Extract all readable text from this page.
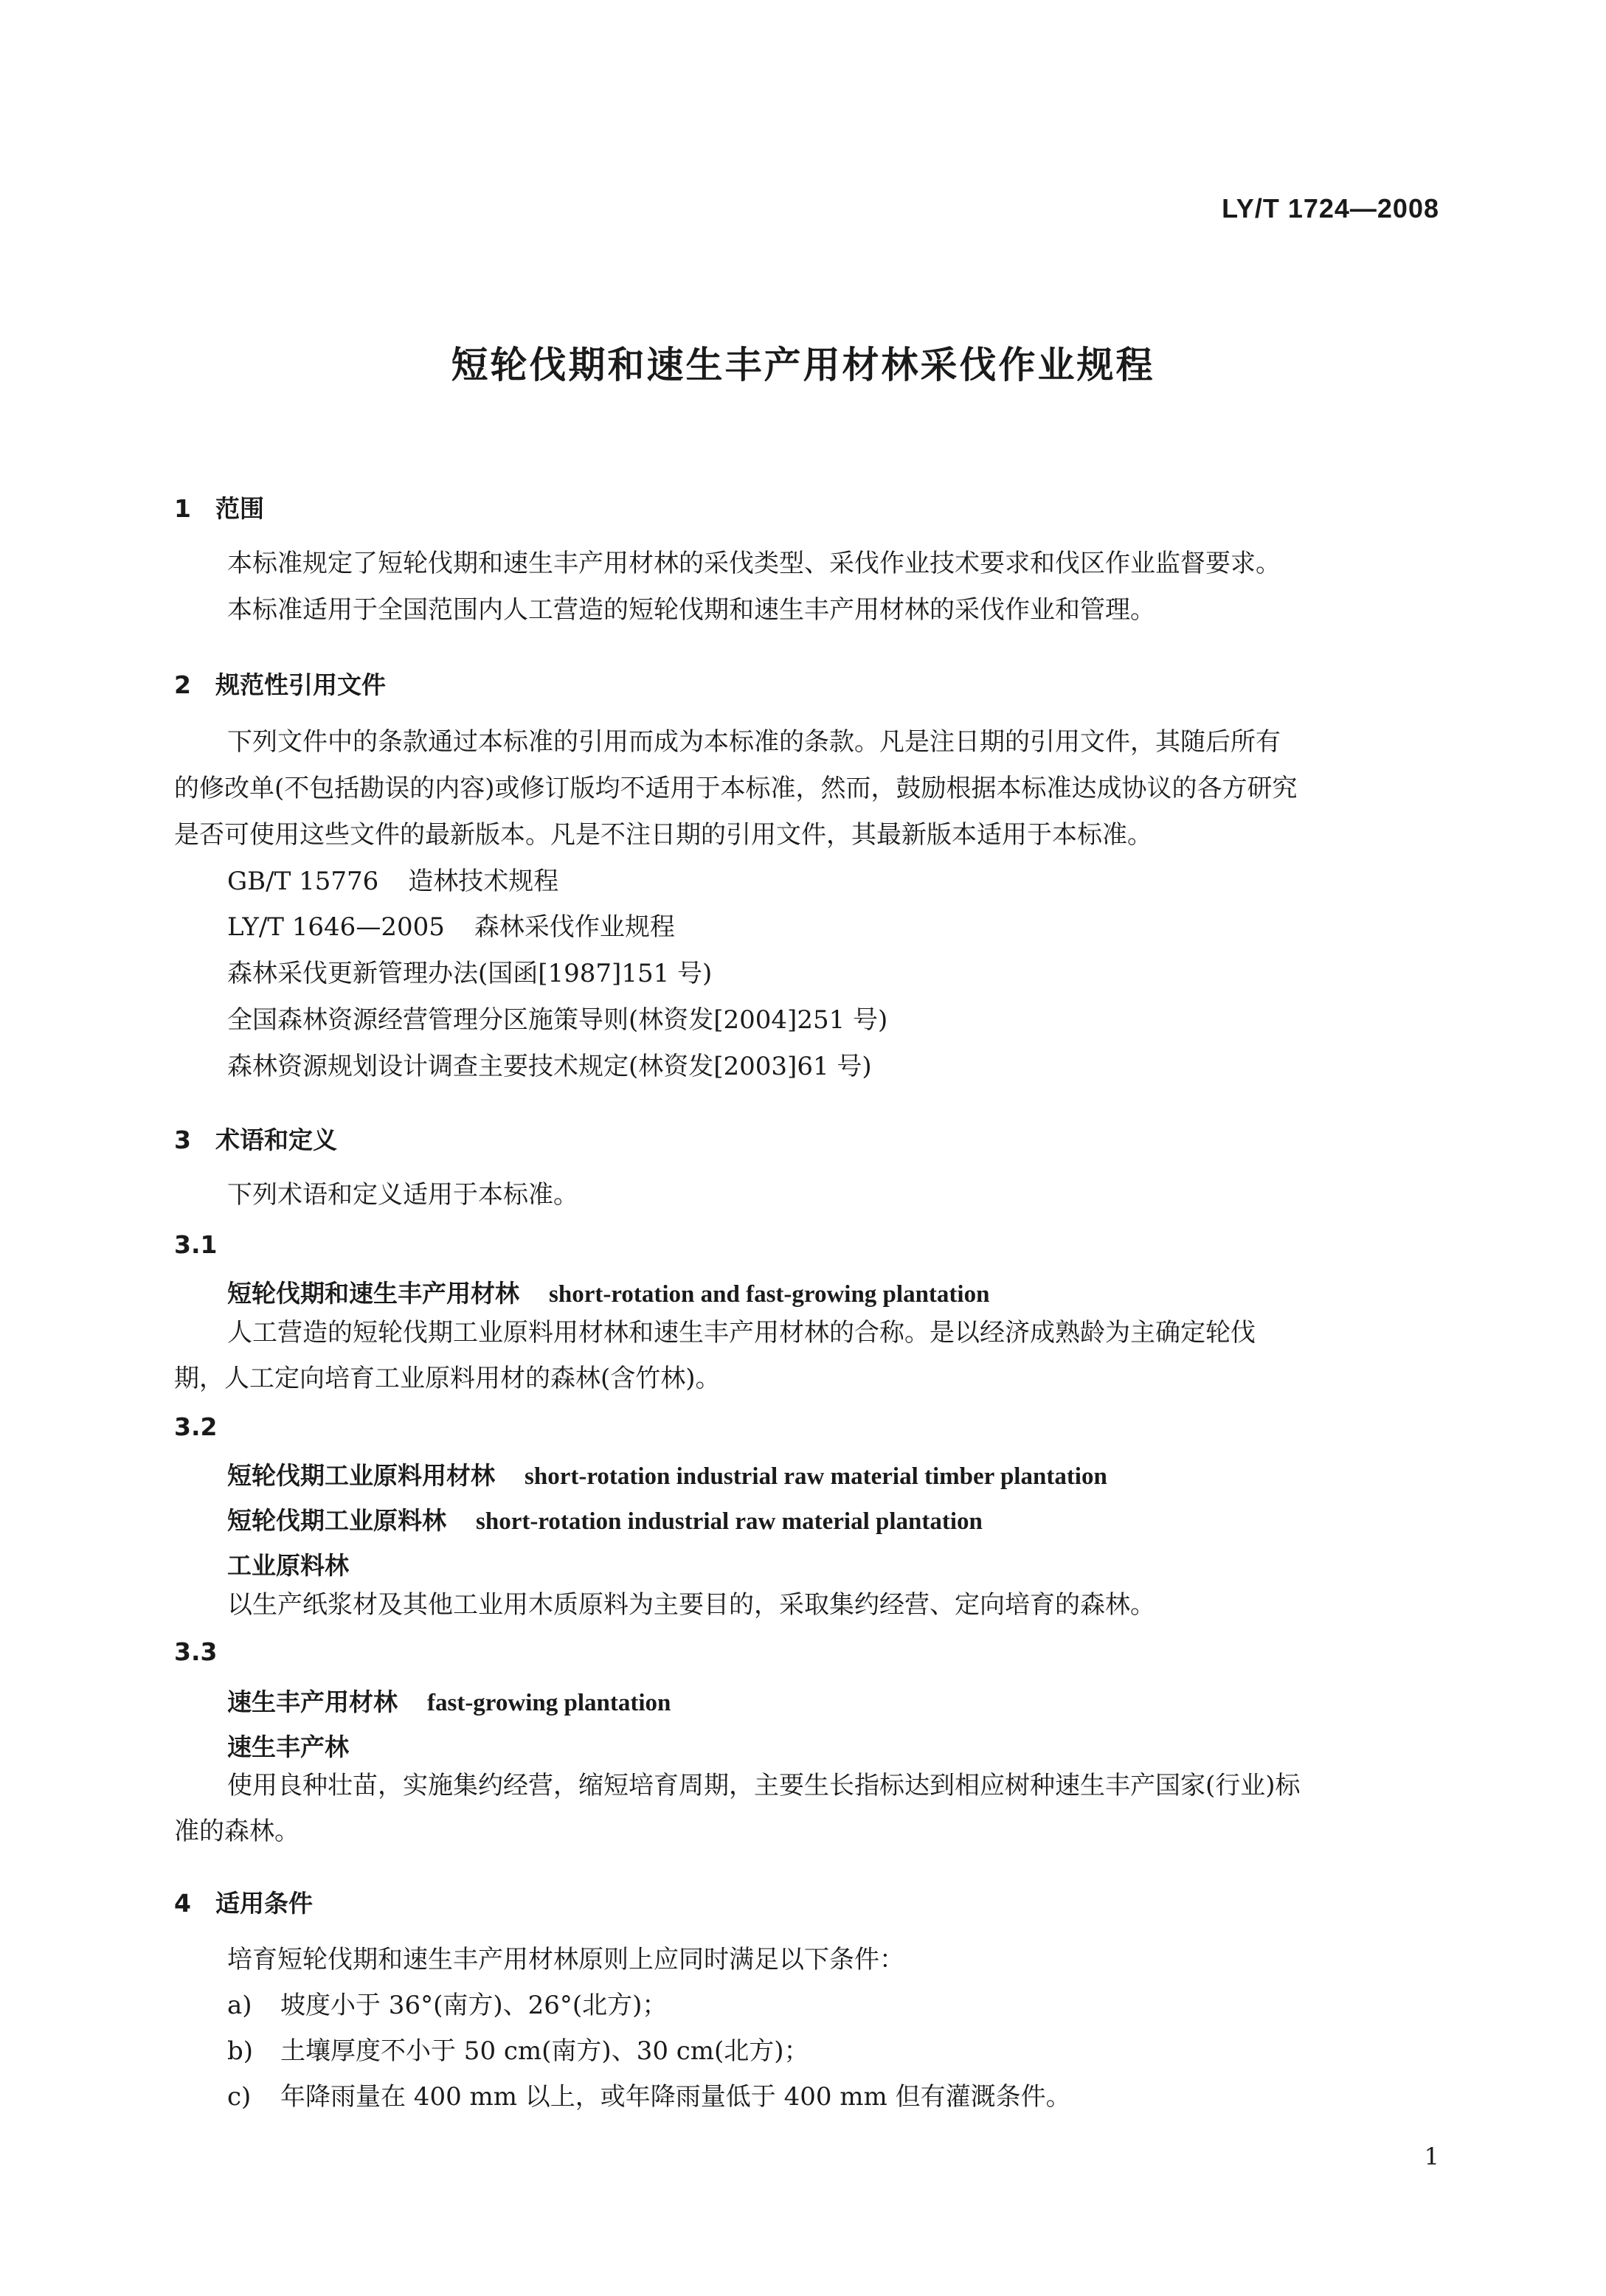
LY/T 1724—2008
短轮伐期和速生丰产用材林采伐作业规程
1 范围
本标准规定了短轮伐期和速生丰产用材林的采伐类型、采伐作业技术要求和伐区作业监督要求。
本标准适用于全国范围内人工营造的短轮伐期和速生丰产用材林的采伐作业和管理。
2 规范性引用文件
下列文件中的条款通过本标准的引用而成为本标准的条款。凡是注日期的引用文件，其随后所有
的修改单(不包括勘误的内容)或修订版均不适用于本标准，然而，鼓励根据本标准达成协议的各方研究
是否可使用这些文件的最新版本。凡是不注日期的引用文件，其最新版本适用于本标准。
GB/T 15776 造林技术规程
LY/T 1646—2005 森林采伐作业规程
森林采伐更新管理办法(国函[1987]151 号)
全国森林资源经营管理分区施策导则(林资发[2004]251 号)
森林资源规划设计调查主要技术规定(林资发[2003]61 号)
3 术语和定义
下列术语和定义适用于本标准。
3.1
短轮伐期和速生丰产用材林 short-rotation and fast-growing plantation
人工营造的短轮伐期工业原料用材林和速生丰产用材林的合称。是以经济成熟龄为主确定轮伐
期，人工定向培育工业原料用材的森林(含竹林)。
3.2
短轮伐期工业原料用材林 short-rotation industrial raw material timber plantation
短轮伐期工业原料林 short-rotation industrial raw material plantation
工业原料林
以生产纸浆材及其他工业用木质原料为主要目的，采取集约经营、定向培育的森林。
3.3
速生丰产用材林 fast-growing plantation
速生丰产林
使用良种壮苗，实施集约经营，缩短培育周期，主要生长指标达到相应树种速生丰产国家(行业)标
准的森林。
4 适用条件
培育短轮伐期和速生丰产用材林原则上应同时满足以下条件：
a) 坡度小于 36°(南方)、26°(北方)；
b) 土壤厚度不小于 50 cm(南方)、30 cm(北方)；
c) 年降雨量在 400 mm 以上，或年降雨量低于 400 mm 但有灌溉条件。
1
